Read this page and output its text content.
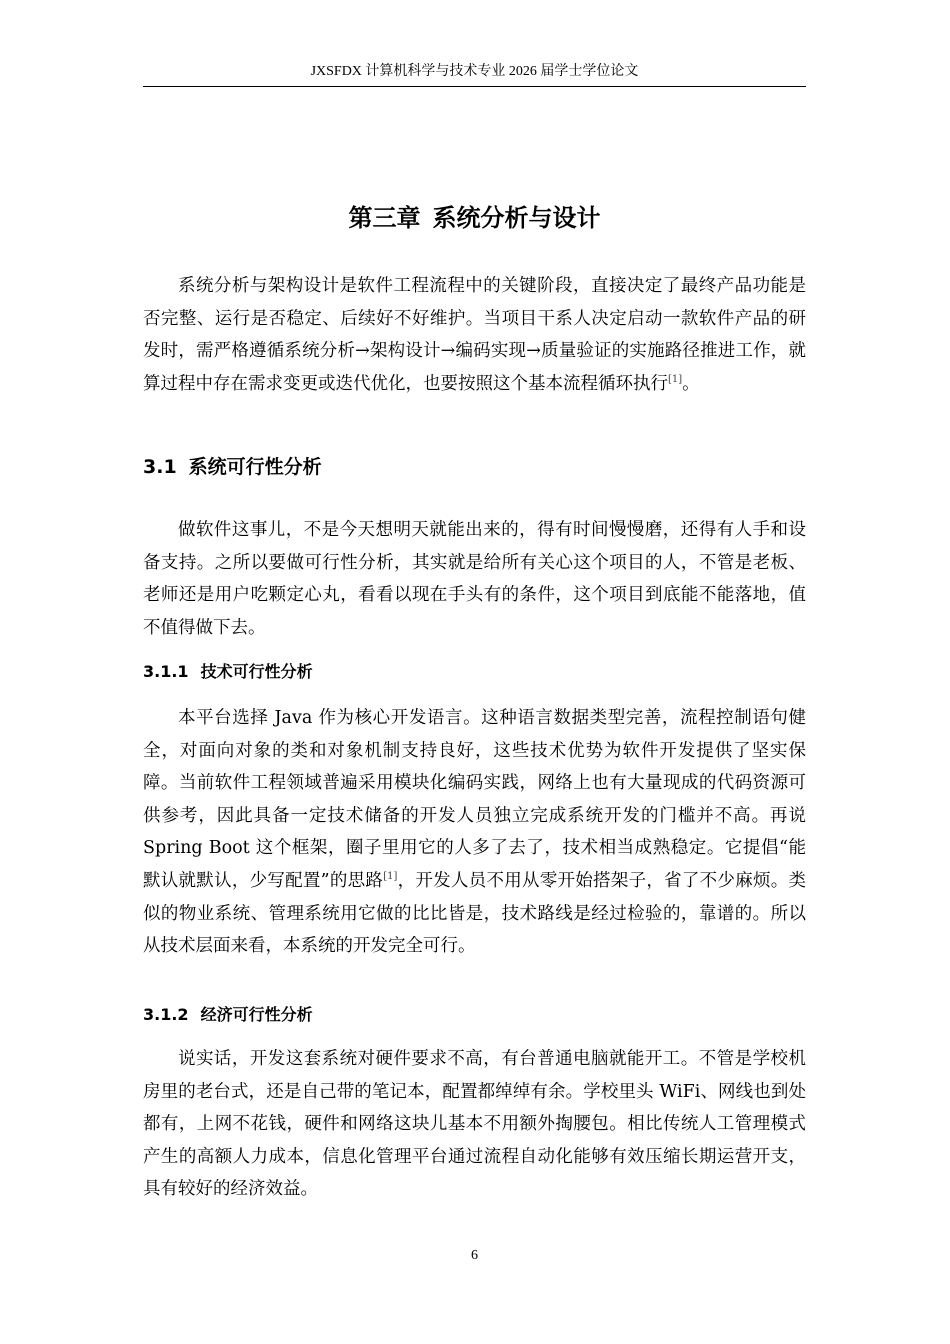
JXSFDX 计算机科学与技术专业 2026 届学士学位论文
第三章 系统分析与设计

系统分析与架构设计是软件工程流程中的关键阶段，直接决定了最终产品功能是否完整、运行是否稳定、后续好不好维护。当项目干系人决定启动一款软件产品的研发时，需严格遵循系统分析→架构设计→编码实现→质量验证的实施路径推进工作，就算过程中存在需求变更或迭代优化，也要按照这个基本流程循环执行[1]。

3.1 系统可行性分析

做软件这事儿，不是今天想明天就能出来的，得有时间慢慢磨，还得有人手和设备支持。之所以要做可行性分析，其实就是给所有关心这个项目的人，不管是老板、老师还是用户吃颗定心丸，看看以现在手头有的条件，这个项目到底能不能落地，值不值得做下去。

3.1.1 技术可行性分析

本平台选择 Java 作为核心开发语言。这种语言数据类型完善，流程控制语句健全，对面向对象的类和对象机制支持良好，这些技术优势为软件开发提供了坚实保障。当前软件工程领域普遍采用模块化编码实践，网络上也有大量现成的代码资源可供参考，因此具备一定技术储备的开发人员独立完成系统开发的门槛并不高。再说 Spring Boot 这个框架，圈子里用它的人多了去了，技术相当成熟稳定。它提倡“能默认就默认，少写配置”的思路[1]，开发人员不用从零开始搭架子，省了不少麻烦。类似的物业系统、管理系统用它做的比比皆是，技术路线是经过检验的，靠谱的。所以从技术层面来看，本系统的开发完全可行。

3.1.2 经济可行性分析

说实话，开发这套系统对硬件要求不高，有台普通电脑就能开工。不管是学校机房里的老台式，还是自己带的笔记本，配置都绰绰有余。学校里头 WiFi、网线也到处都有，上网不花钱，硬件和网络这块儿基本不用额外掏腰包。相比传统人工管理模式产生的高额人力成本，信息化管理平台通过流程自动化能够有效压缩长期运营开支，具有较好的经济效益。

6
